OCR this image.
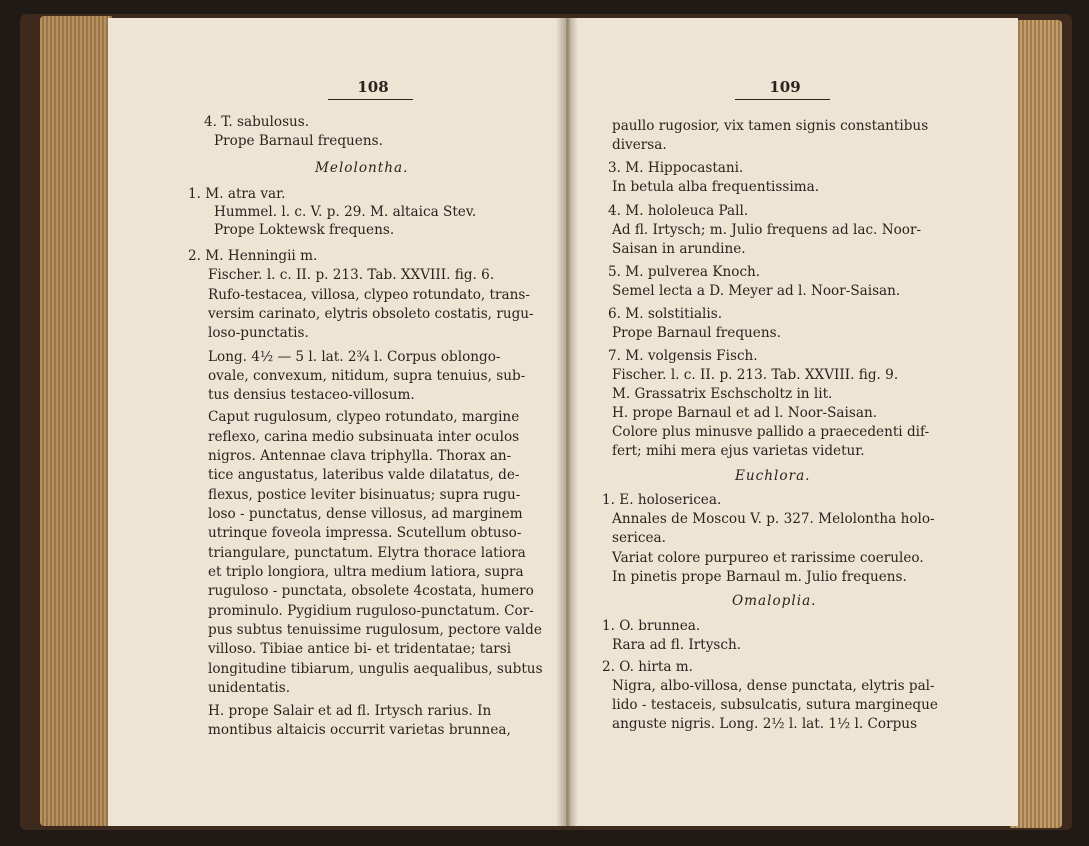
108
4. T. sabulosus.
Prope Barnaul frequens.
Melolontha.
1. M. atra var.
Hummel. l. c. V. p. 29. M. altaica Stev.
Prope Loktewsk frequens.
2. M. Henningii m.
Fischer. l. c. II. p. 213. Tab. XXVIII. fig. 6.
Rufo-testacea, villosa, clypeo rotundato, trans-
versim carinato, elytris obsoleto costatis, rugu-
loso-punctatis.
Long. 4½ — 5 l. lat. 2¾ l. Corpus oblongo-
ovale, convexum, nitidum, supra tenuius, sub-
tus densius testaceo-villosum.
Caput rugulosum, clypeo rotundato, margine
reflexo, carina medio subsinuata inter oculos
nigros. Antennae clava triphylla. Thorax an-
tice angustatus, lateribus valde dilatatus, de-
flexus, postice leviter bisinuatus; supra rugu-
loso - punctatus, dense villosus, ad marginem
utrinque foveola impressa. Scutellum obtuso-
triangulare, punctatum. Elytra thorace latiora
et triplo longiora, ultra medium latiora, supra
ruguloso - punctata, obsolete 4costata, humero
prominulo. Pygidium ruguloso-punctatum. Cor-
pus subtus tenuissime rugulosum, pectore valde
villoso. Tibiae antice bi- et tridentatae; tarsi
longitudine tibiarum, ungulis aequalibus, subtus
unidentatis.
H. prope Salair et ad fl. Irtysch rarius. In
montibus altaicis occurrit varietas brunnea,
109
paullo rugosior, vix tamen signis constantibus
diversa.
3. M. Hippocastani.
In betula alba frequentissima.
4. M. hololeuca Pall.
Ad fl. Irtysch; m. Julio frequens ad lac. Noor-
Saisan in arundine.
5. M. pulverea Knoch.
Semel lecta a D. Meyer ad l. Noor-Saisan.
6. M. solstitialis.
Prope Barnaul frequens.
7. M. volgensis Fisch.
Fischer. l. c. II. p. 213. Tab. XXVIII. fig. 9.
M. Grassatrix Eschscholtz in lit.
H. prope Barnaul et ad l. Noor-Saisan.
Colore plus minusve pallido a praecedenti dif-
fert; mihi mera ejus varietas videtur.
Euchlora.
1. E. holosericea.
Annales de Moscou V. p. 327. Melolontha holo-
sericea.
Variat colore purpureo et rarissime coeruleo.
In pinetis prope Barnaul m. Julio frequens.
Omaloplia.
1. O. brunnea.
Rara ad fl. Irtysch.
2. O. hirta m.
Nigra, albo-villosa, dense punctata, elytris pal-
lido - testaceis, subsulcatis, sutura margineque
anguste nigris. Long. 2½ l. lat. 1½ l. Corpus
